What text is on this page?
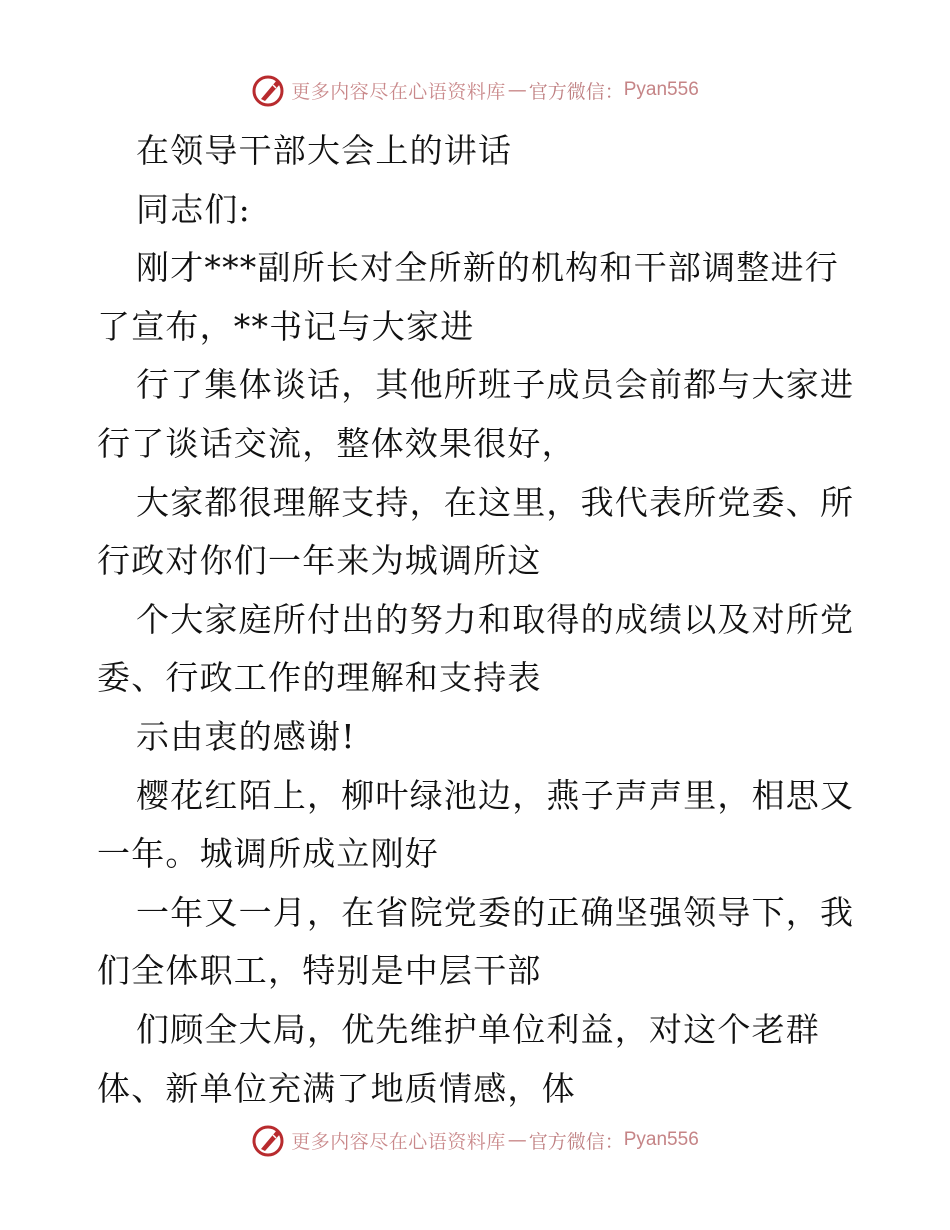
更多内容尽在心语资料库 — 官方微信： Pyan556
在领导干部大会上的讲话
同志们:
刚才***副所长对全所新的机构和干部调整进行
了宣布，**书记与大家进
行了集体谈话，其他所班子成员会前都与大家进
行了谈话交流，整体效果很好，
大家都很理解支持，在这里，我代表所党委、所
行政对你们一年来为城调所这
个大家庭所付出的努力和取得的成绩以及对所党
委、行政工作的理解和支持表
示由衷的感谢!
樱花红陌上，柳叶绿池边，燕子声声里，相思又
一年。城调所成立刚好
一年又一月，在省院党委的正确坚强领导下，我
们全体职工，特别是中层干部
们顾全大局，优先维护单位利益，对这个老群
体、新单位充满了地质情感，体
更多内容尽在心语资料库 — 官方微信： Pyan556
